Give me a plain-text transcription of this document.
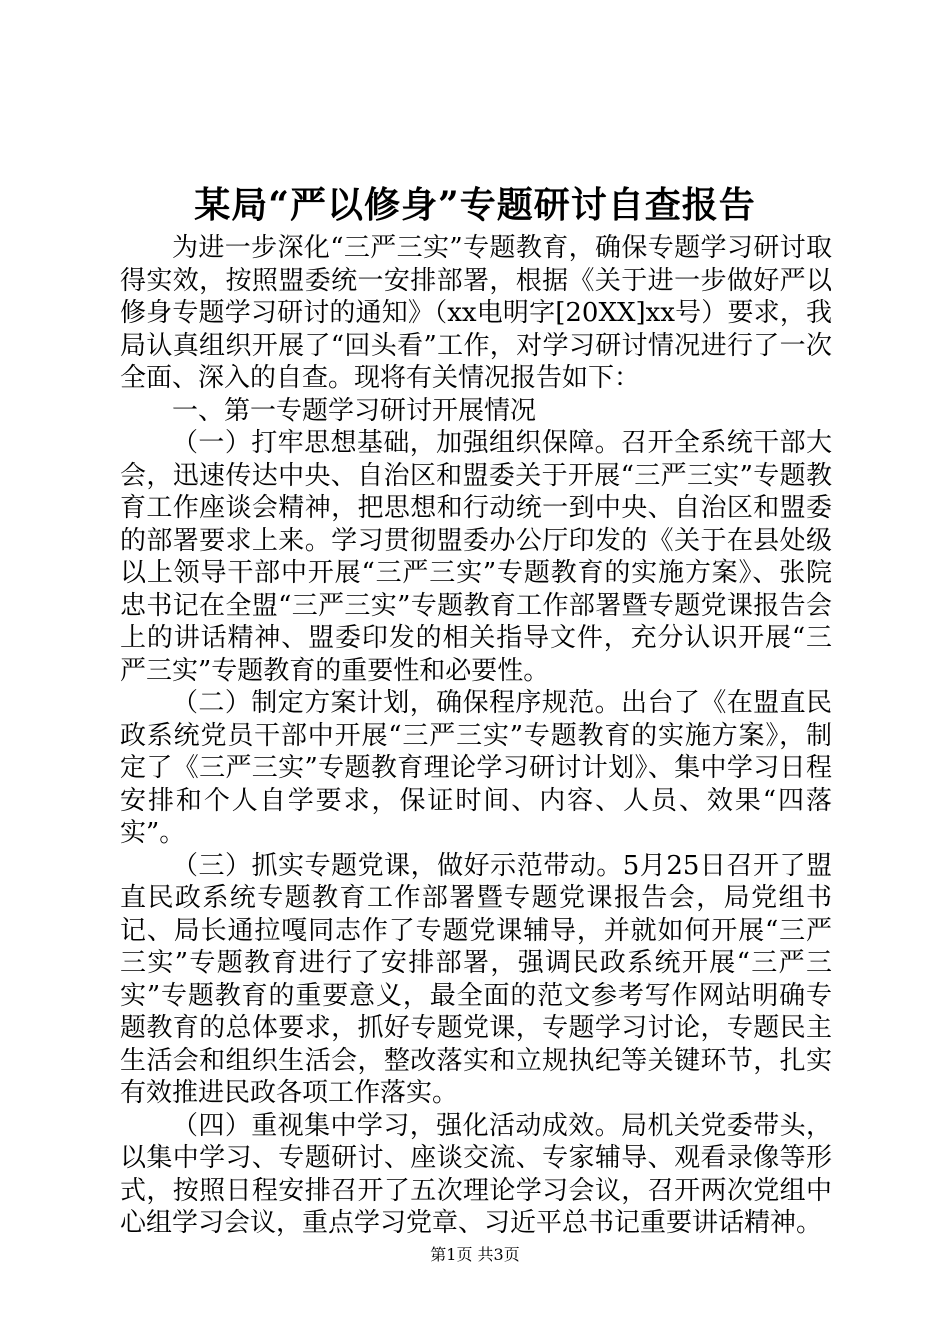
某局“严以修身”专题研讨自查报告

为进一步深化“三严三实”专题教育，确保专题学习研讨取得实效，按照盟委统一安排部署，根据《关于进一步做好严以修身专题学习研讨的通知》（xx电明字[20XX]xx号）要求，我局认真组织开展了“回头看”工作，对学习研讨情况进行了一次全面、深入的自查。现将有关情况报告如下：

一、第一专题学习研讨开展情况

（一）打牢思想基础，加强组织保障。召开全系统干部大会，迅速传达中央、自治区和盟委关于开展“三严三实”专题教育工作座谈会精神，把思想和行动统一到中央、自治区和盟委的部署要求上来。学习贯彻盟委办公厅印发的《关于在县处级以上领导干部中开展“三严三实”专题教育的实施方案》、张院忠书记在全盟“三严三实”专题教育工作部署暨专题党课报告会上的讲话精神、盟委印发的相关指导文件，充分认识开展“三严三实”专题教育的重要性和必要性。

（二）制定方案计划，确保程序规范。出台了《在盟直民政系统党员干部中开展“三严三实”专题教育的实施方案》，制定了《三严三实”专题教育理论学习研讨计划》、集中学习日程安排和个人自学要求，保证时间、内容、人员、效果“四落实”。

（三）抓实专题党课，做好示范带动。5月25日召开了盟直民政系统专题教育工作部署暨专题党课报告会，局党组书记、局长通拉嘎同志作了专题党课辅导，并就如何开展“三严三实”专题教育进行了安排部署，强调民政系统开展“三严三实”专题教育的重要意义，最全面的范文参考写作网站明确专题教育的总体要求，抓好专题党课，专题学习讨论，专题民主生活会和组织生活会，整改落实和立规执纪等关键环节，扎实有效推进民政各项工作落实。

（四）重视集中学习，强化活动成效。局机关党委带头，以集中学习、专题研讨、座谈交流、专家辅导、观看录像等形式，按照日程安排召开了五次理论学习会议，召开两次党组中心组学习会议，重点学习党章、习近平总书记重要讲话精神。

第1页 共3页
